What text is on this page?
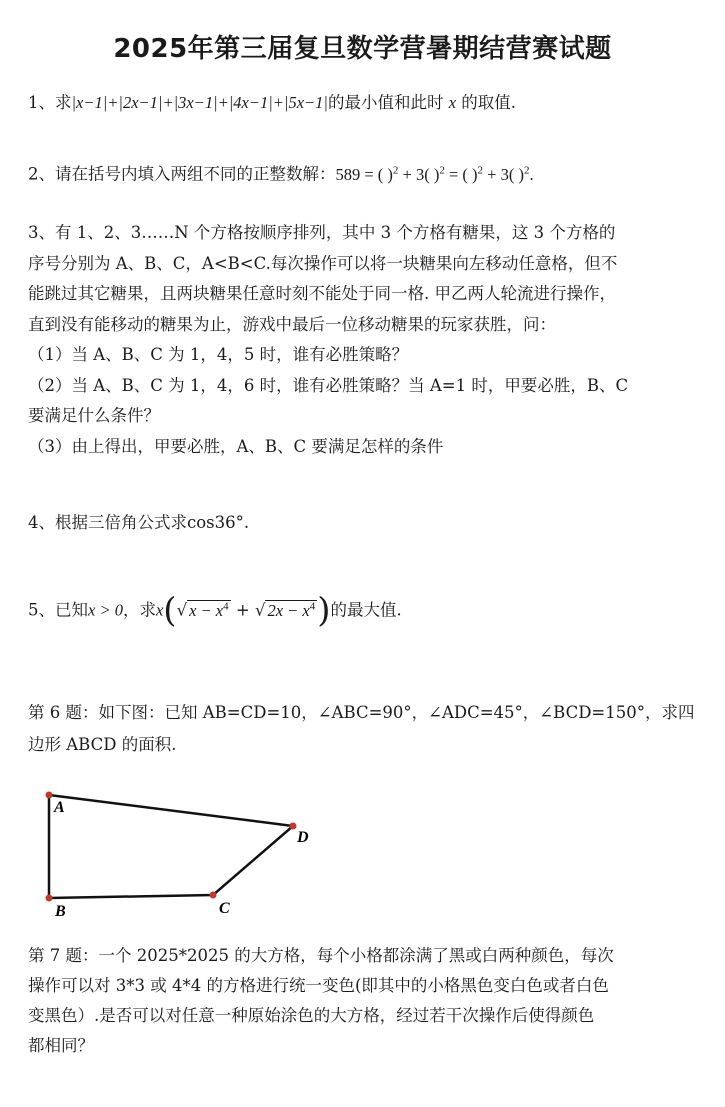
2025年第三届复旦数学营暑期结营赛试题
1、求|x−1|+|2x−1|+|3x−1|+|4x−1|+|5x−1|的最小值和此时 x 的取值.
2、请在括号内填入两组不同的正整数解：589 = ( )$^2$ + 3( )$^2$ = ( )$^2$ + 3( )$^2$.
3、有 1、2、3……N 个方格按顺序排列，其中 3 个方格有糖果，这 3 个方格的
序号分别为 A、B、C，A<B<C.每次操作可以将一块糖果向左移动任意格，但不
能跳过其它糖果，且两块糖果任意时刻不能处于同一格. 甲乙两人轮流进行操作，
直到没有能移动的糖果为止，游戏中最后一位移动糖果的玩家获胜，问：
（1）当 A、B、C 为 1，4，5 时，谁有必胜策略？
（2）当 A、B、C 为 1，4，6 时，谁有必胜策略？当 A=1 时，甲要必胜，B、C
要满足什么条件？
（3）由上得出，甲要必胜，A、B、C 要满足怎样的条件
4、根据三倍角公式求cos36°.
5、已知x > 0，求x(√ $x - x^4$ + √ $2x - x^4$)的最大值.
第 6 题：如下图：已知 AB=CD=10，∠ABC=90°，∠ADC=45°，∠BCD=150°，求四
边形 ABCD 的面积.
A
D
C
B
第 7 题：一个 2025*2025 的大方格，每个小格都涂满了黑或白两种颜色，每次
操作可以对 3*3 或 4*4 的方格进行统一变色(即其中的小格黑色变白色或者白色
变黑色）.是否可以对任意一种原始涂色的大方格，经过若干次操作后使得颜色
都相同？
